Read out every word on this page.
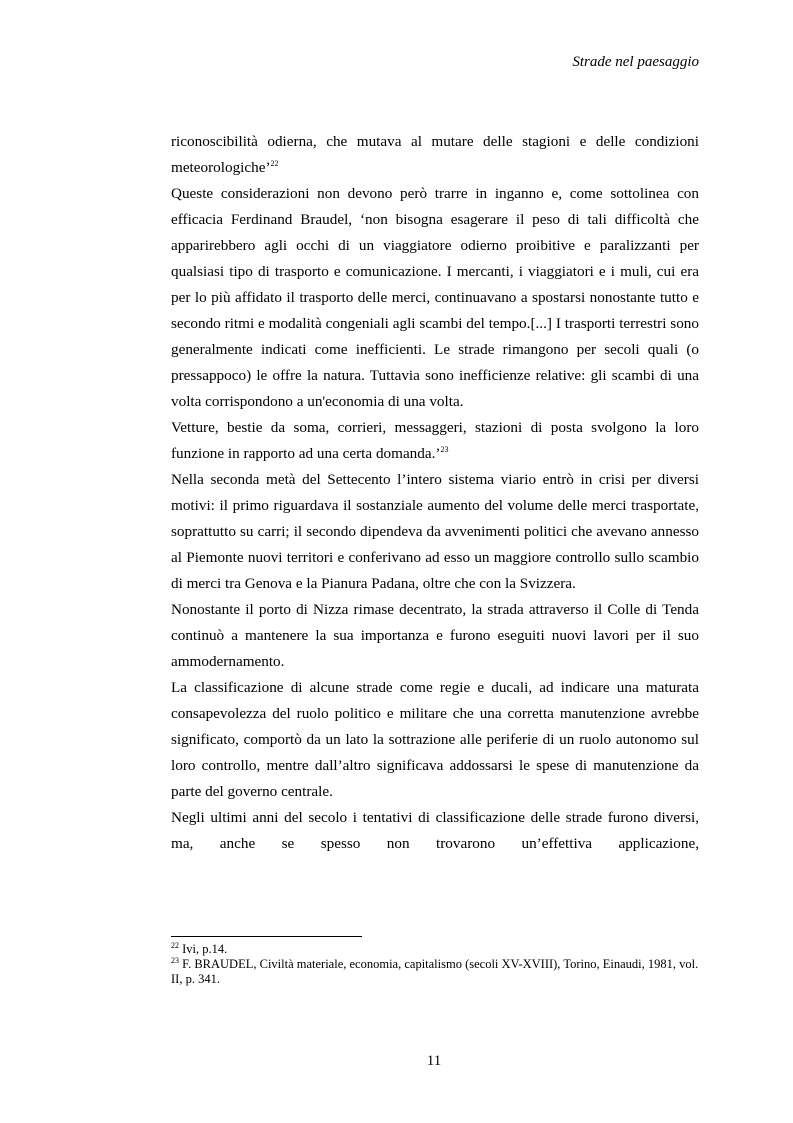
Strade nel paesaggio

riconoscibilità odierna, che mutava al mutare delle stagioni e delle condizioni meteorologiche’$^{22}$

Queste considerazioni non devono però trarre in inganno e, come sottolinea con efficacia Ferdinand Braudel, ‘non bisogna esagerare il peso di tali difficoltà che apparirebbero agli occhi di un viaggiatore odierno proibitive e paralizzanti per qualsiasi tipo di trasporto e comunicazione. I mercanti, i viaggiatori e i muli, cui era per lo più affidato il trasporto delle merci, continuavano a spostarsi nonostante tutto e secondo ritmi e modalità congeniali agli scambi del tempo.[...] I trasporti terrestri sono generalmente indicati come inefficienti. Le strade rimangono per secoli quali (o pressappoco) le offre la natura. Tuttavia sono inefficienze relative: gli scambi di una volta corrispondono a un'economia di una volta.

Vetture, bestie da soma, corrieri, messaggeri, stazioni di posta svolgono la loro funzione in rapporto ad una certa domanda.’$^{23}$

Nella seconda metà del Settecento l’intero sistema viario entrò in crisi per diversi motivi: il primo riguardava il sostanziale aumento del volume delle merci trasportate, soprattutto su carri; il secondo dipendeva da avvenimenti politici che avevano annesso al Piemonte nuovi territori e conferivano ad esso un maggiore controllo sullo scambio di merci tra Genova e la Pianura Padana, oltre che con la Svizzera.

Nonostante il porto di Nizza rimase decentrato, la strada attraverso il Colle di Tenda continuò a mantenere la sua importanza e furono eseguiti nuovi lavori per il suo ammodernamento.

La classificazione di alcune strade come regie e ducali, ad indicare una maturata consapevolezza del ruolo politico e militare che una corretta manutenzione avrebbe significato, comportò da un lato la sottrazione alle periferie di un ruolo autonomo sul loro controllo, mentre dall’altro significava addossarsi le spese di manutenzione da parte del governo centrale.

Negli ultimi anni del secolo i tentativi di classificazione delle strade furono diversi, ma, anche se spesso non trovarono un’effettiva applicazione,

$^{22}$ Ivi, p.14.

$^{23}$ F. BRAUDEL, Civiltà materiale, economia, capitalismo (secoli XV-XVIII), Torino, Einaudi, 1981, vol. II, p. 341.

11
